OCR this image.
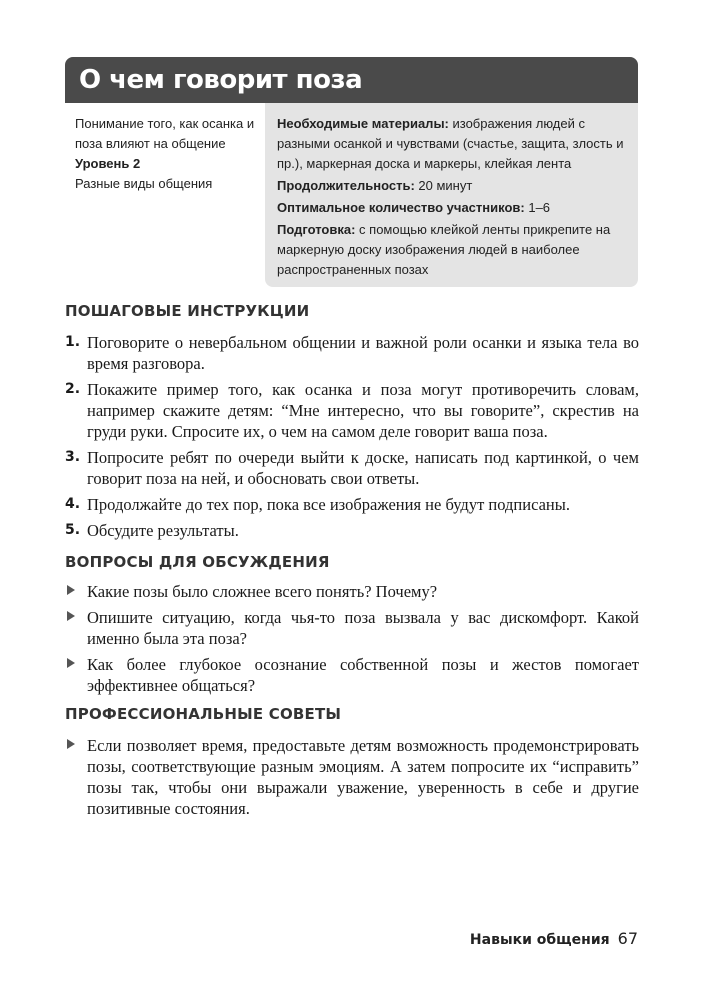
О чем говорит поза
Понимание того, как осанка и поза влияют на общение
Уровень 2
Разные виды общения

Необходимые материалы: изображения людей с разными осанкой и чувствами (счастье, защита, злость и пр.), маркерная доска и маркеры, клейкая лента

Продолжительность: 20 минут

Оптимальное количество участников: 1–6

Подготовка: с помощью клейкой ленты прикрепите на маркерную доску изображения людей в наиболее распространенных позах

ПОШАГОВЫЕ ИНСТРУКЦИИ
1. Поговорите о невербальном общении и важной роли осанки и языка тела во время разговора.
2. Покажите пример того, как осанка и поза могут противоречить словам, например скажите детям: “Мне интересно, что вы говорите”, скрестив на груди руки. Спросите их, о чем на самом деле говорит ваша поза.
3. Попросите ребят по очереди выйти к доске, написать под картинкой, о чем говорит поза на ней, и обосновать свои ответы.
4. Продолжайте до тех пор, пока все изображения не будут подписаны.
5. Обсудите результаты.
ВОПРОСЫ ДЛЯ ОБСУЖДЕНИЯ
Какие позы было сложнее всего понять? Почему?
Опишите ситуацию, когда чья-то поза вызвала у вас дискомфорт. Какой именно была эта поза?
Как более глубокое осознание собственной позы и жестов помогает эффективнее общаться?
ПРОФЕССИОНАЛЬНЫЕ СОВЕТЫ
Если позволяет время, предоставьте детям возможность продемонстрировать позы, соответствующие разным эмоциям. А затем попросите их “исправить” позы так, чтобы они выражали уважение, уверенность в себе и другие позитивные состояния.
Навыки общения 67
